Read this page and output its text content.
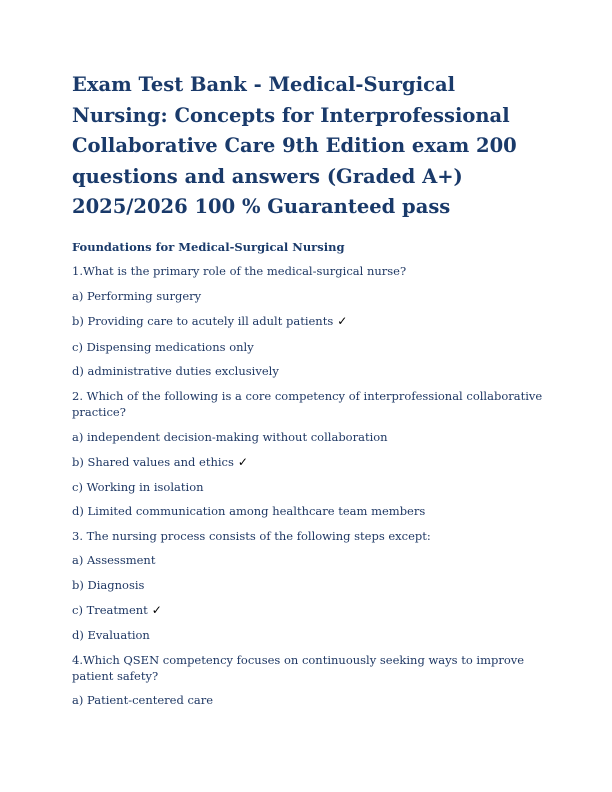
Exam Test Bank - Medical-Surgical Nursing: Concepts for Interprofessional Collaborative Care 9th Edition exam 200 questions and answers (Graded A+) 2025/2026 100 % Guaranteed pass
Foundations for Medical-Surgical Nursing

1.What is the primary role of the medical-surgical nurse?

a) Performing surgery

b) Providing care to acutely ill adult patients ✓

c) Dispensing medications only

d) administrative duties exclusively

2. Which of the following is a core competency of interprofessional collaborative practice?

a) independent decision-making without collaboration

b) Shared values and ethics ✓

c) Working in isolation

d) Limited communication among healthcare team members

3. The nursing process consists of the following steps except:

a) Assessment

b) Diagnosis

c) Treatment ✓

d) Evaluation

4.Which QSEN competency focuses on continuously seeking ways to improve patient safety?

a) Patient-centered care
